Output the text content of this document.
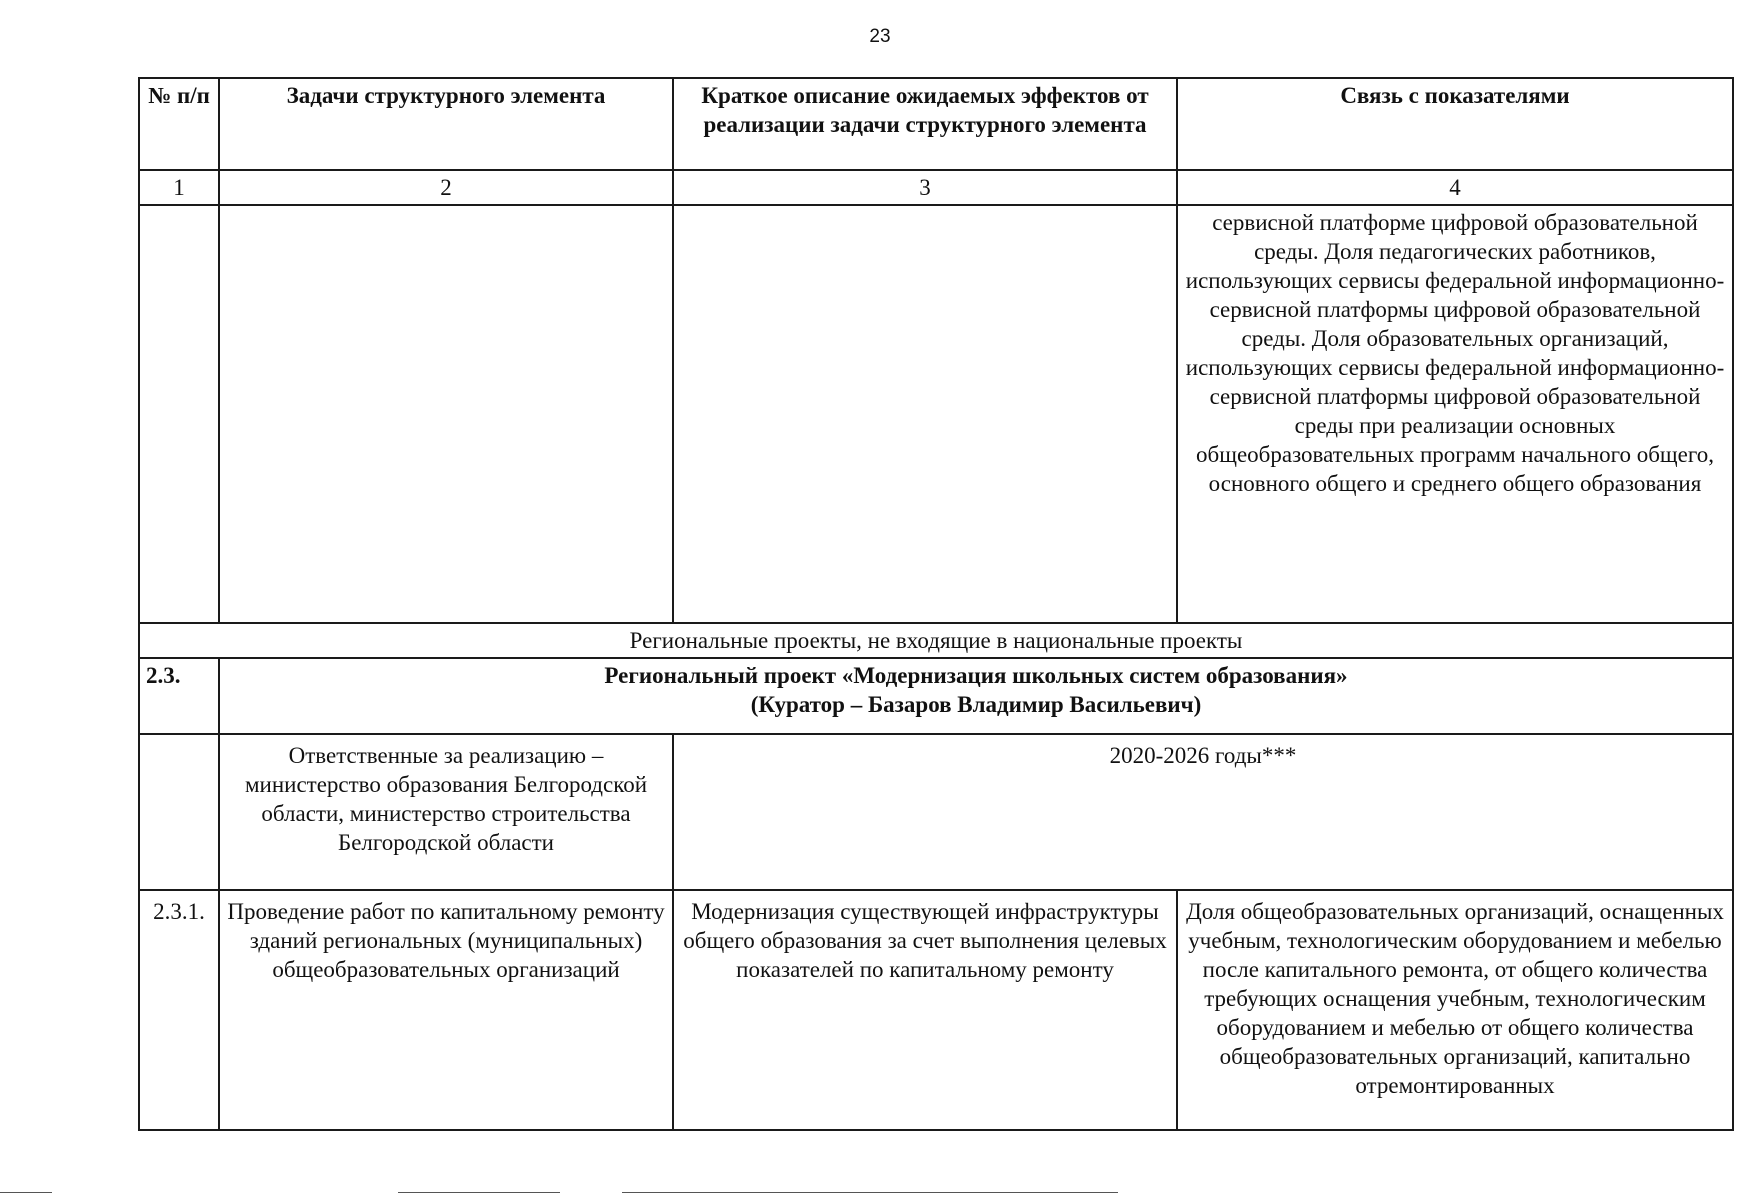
23
№ п/п	Задачи структурного элемента	Краткое описание ожидаемых эффектов от реализации задачи структурного элемента	Связь с показателями
1	2	3	4
			сервисной платформе цифровой образовательной среды. Доля педагогических работников, использующих сервисы федеральной информационно-сервисной платформы цифровой образовательной среды. Доля образовательных организаций, использующих сервисы федеральной информационно-сервисной платформы цифровой образовательной среды при реализации основных общеобразовательных программ начального общего, основного общего и среднего общего образования
Региональные проекты, не входящие в национальные проекты			
2.3.	Региональный проект «Модернизация школьных систем образования»
(Куратор – Базаров Владимир Васильевич)		

	Ответственные за реализацию – министерство образования Белгородской области, министерство строительства Белгородской области	2020-2026 годы***	
2.3.1.	Проведение работ по капитальному ремонту зданий региональных (муниципальных) общеобразовательных организаций	Модернизация существующей инфраструктуры общего образования за счет выполнения целевых показателей по капитальному ремонту	Доля общеобразовательных организаций, оснащенных учебным, технологическим оборудованием и мебелью после капитального ремонта, от общего количества требующих оснащения учебным, технологическим оборудованием и мебелью от общего количества общеобразовательных организаций, капитально отремонтированных
